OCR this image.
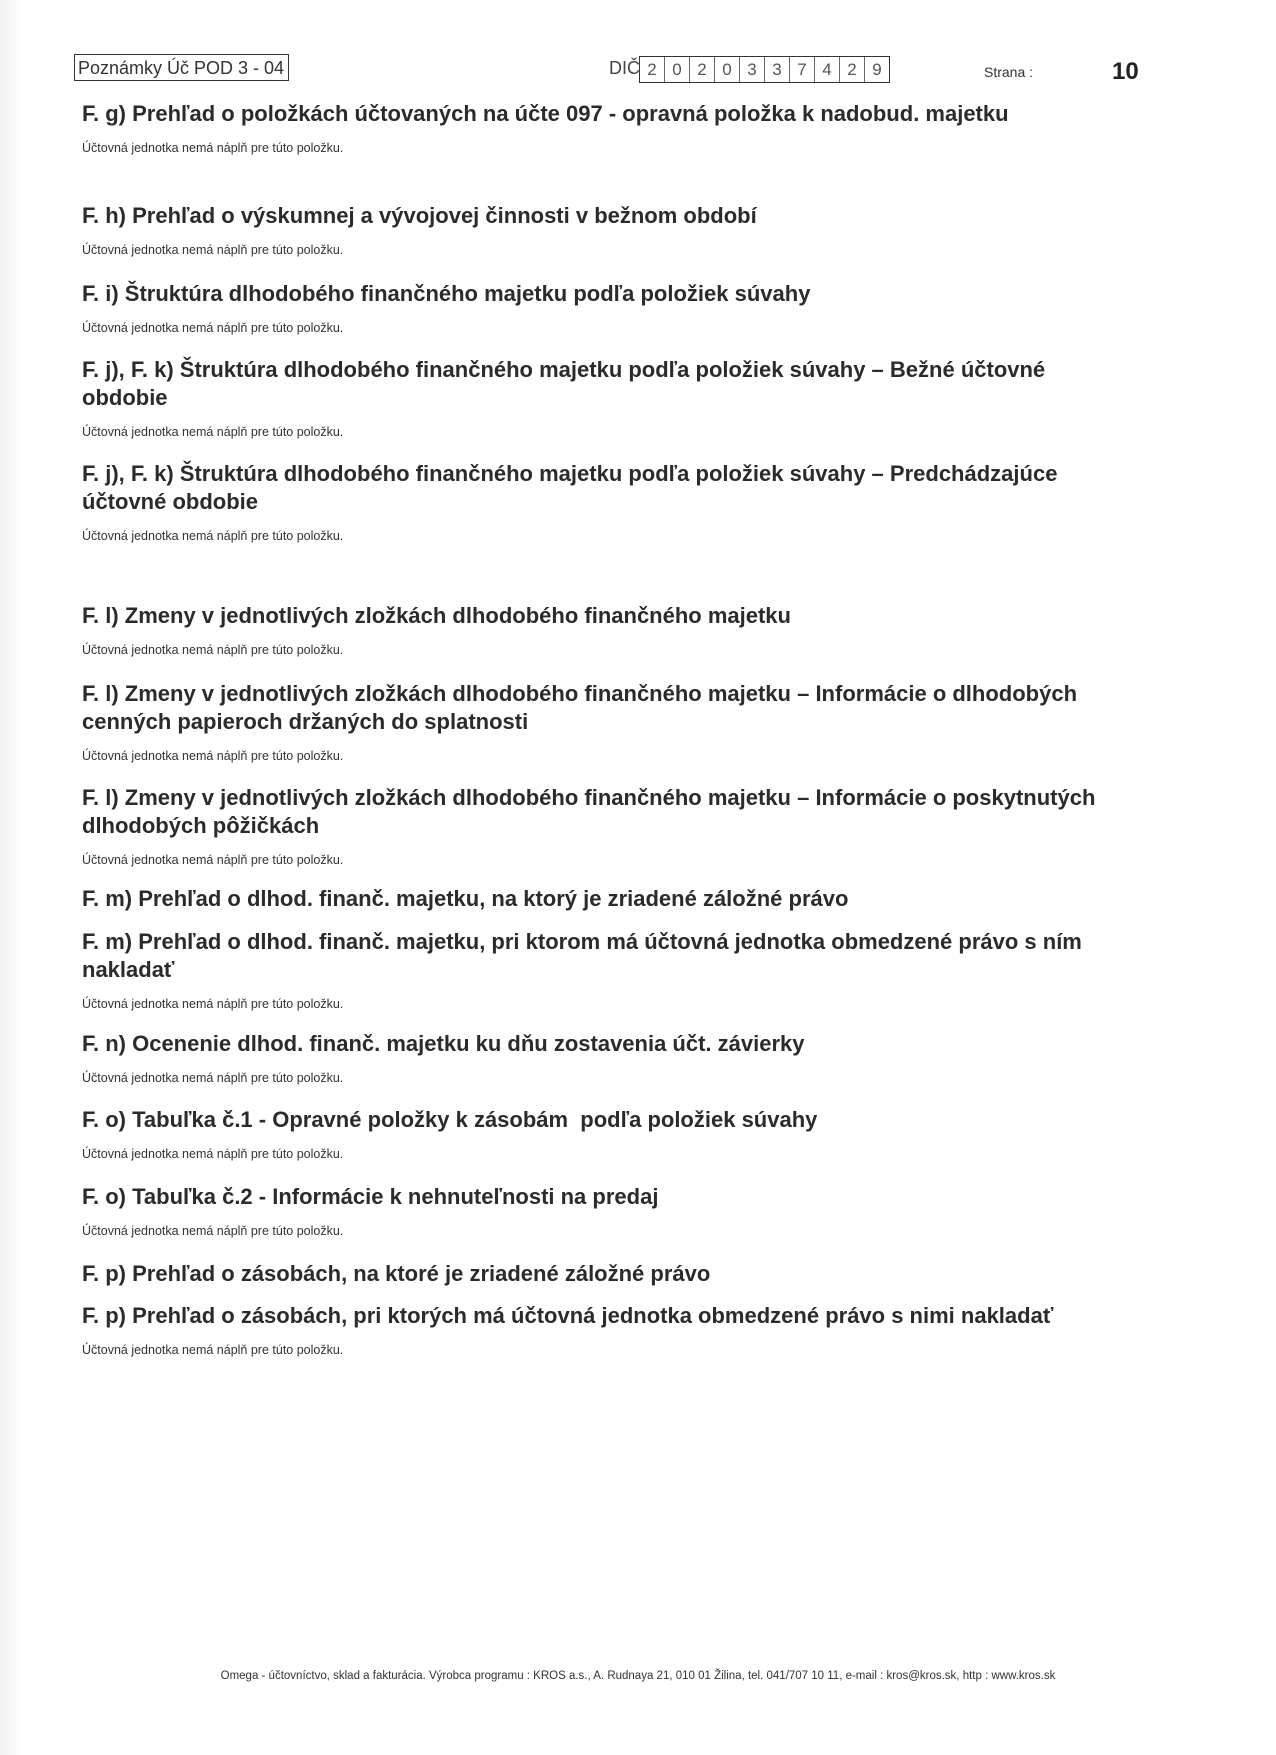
Poznámky Úč POD 3 - 04	DIČ 2 0 2 0 3 3 7 4 2 9	Strana :	10
F. g) Prehľad o položkách účtovaných na účte 097 - opravná položka k nadobud. majetku
Účtovná jednotka nemá náplň pre túto položku.
F. h) Prehľad o výskumnej a vývojovej činnosti v bežnom období
Účtovná jednotka nemá náplň pre túto položku.
F. i) Štruktúra dlhodobého finančného majetku podľa položiek súvahy
Účtovná jednotka nemá náplň pre túto položku.
F. j), F. k) Štruktúra dlhodobého finančného majetku podľa položiek súvahy – Bežné účtovné obdobie
Účtovná jednotka nemá náplň pre túto položku.
F. j), F. k) Štruktúra dlhodobého finančného majetku podľa položiek súvahy – Predchádzajúce účtovné obdobie
Účtovná jednotka nemá náplň pre túto položku.
F. l) Zmeny v jednotlivých zložkách dlhodobého finančného majetku
Účtovná jednotka nemá náplň pre túto položku.
F. l) Zmeny v jednotlivých zložkách dlhodobého finančného majetku – Informácie o dlhodobých cenných papieroch držaných do splatnosti
Účtovná jednotka nemá náplň pre túto položku.
F. l) Zmeny v jednotlivých zložkách dlhodobého finančného majetku – Informácie o poskytnutých dlhodobých pôžičkách
Účtovná jednotka nemá náplň pre túto položku.
F. m) Prehľad o dlhod. finanč. majetku, na ktorý je zriadené záložné právo
F. m) Prehľad o dlhod. finanč. majetku, pri ktorom má účtovná jednotka obmedzené právo s ním nakladať
Účtovná jednotka nemá náplň pre túto položku.
F. n) Ocenenie dlhod. finanč. majetku ku dňu zostavenia účt. závierky
Účtovná jednotka nemá náplň pre túto položku.
F. o) Tabuľka č.1 - Opravné položky k zásobám  podľa položiek súvahy
Účtovná jednotka nemá náplň pre túto položku.
F. o) Tabuľka č.2 - Informácie k nehnuteľnosti na predaj
Účtovná jednotka nemá náplň pre túto položku.
F. p) Prehľad o zásobách, na ktoré je zriadené záložné právo
F. p) Prehľad o zásobách, pri ktorých má účtovná jednotka obmedzené právo s nimi nakladať
Účtovná jednotka nemá náplň pre túto položku.
Omega - účtovníctvo, sklad a fakturácia. Výrobca programu : KROS a.s., A. Rudnaya 21, 010 01 Žilina, tel. 041/707 10 11, e-mail : kros@kros.sk, http : www.kros.sk
